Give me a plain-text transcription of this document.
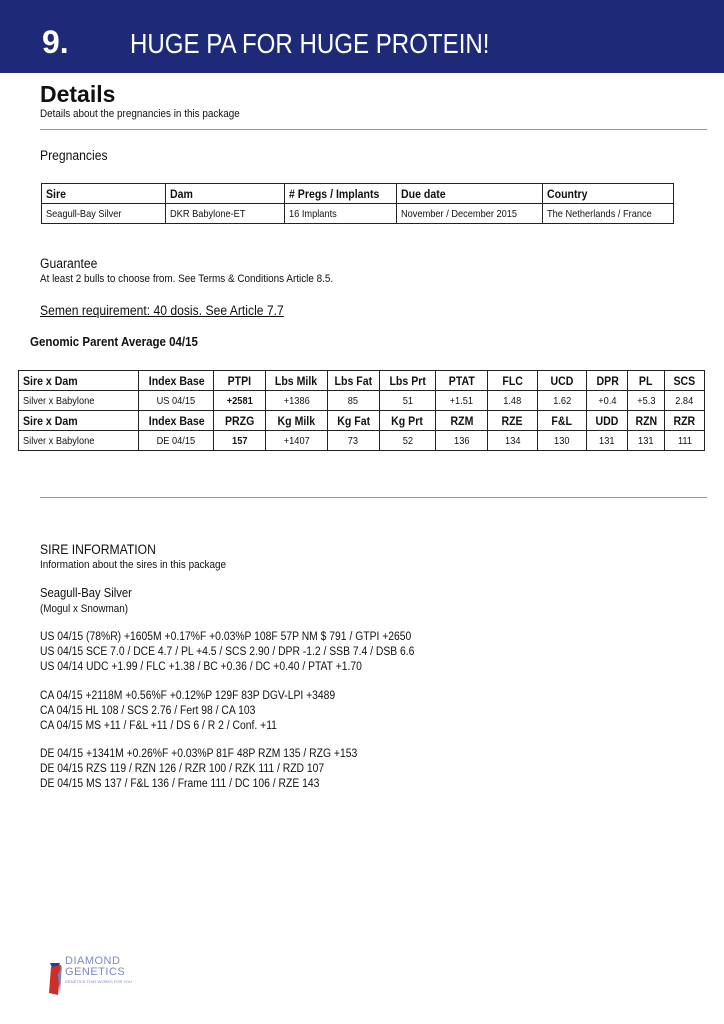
9. HUGE PA FOR HUGE PROTEIN!
Details
Details about the pregnancies in this package
Pregnancies
Sire	Dam	# Pregs / Implants	Due date	Country
Seagull-Bay Silver	DKR Babylone-ET	16 Implants	November / December 2015	The Netherlands / France
Guarantee
At least 2 bulls to choose from. See Terms & Conditions Article 8.5.
Semen requirement: 40 dosis. See Article 7.7
Genomic Parent Average 04/15
Sire x Dam	Index Base	PTPI	Lbs Milk	Lbs Fat	Lbs Prt	PTAT	FLC	UCD	DPR	PL	SCS
Silver x Babylone	US 04/15	+2581	+1386	85	51	+1.51	1.48	1.62	+0.4	+5.3	2.84
Sire x Dam	Index Base	PRZG	Kg Milk	Kg Fat	Kg Prt	RZM	RZE	F&L	UDD	RZN	RZR
Silver x Babylone	DE 04/15	157	+1407	73	52	136	134	130	131	131	111
SIRE INFORMATION
Information about the sires in this package
Seagull-Bay Silver
(Mogul x Snowman)
US 04/15 (78%R) +1605M +0.17%F +0.03%P 108F 57P NM $ 791 / GTPI +2650
US 04/15 SCE 7.0 / DCE 4.7 / PL +4.5 / SCS 2.90 / DPR -1.2 / SSB 7.4 / DSB 6.6
US 04/14 UDC +1.99 / FLC +1.38 / BC +0.36 / DC +0.40 / PTAT +1.70
CA 04/15 +2118M +0.56%F +0.12%P 129F 83P DGV-LPI +3489
CA 04/15 HL 108 / SCS 2.76 / Fert 98 / CA 103
CA 04/15 MS +11 / F&L +11 / DS 6 / R 2 / Conf. +11
DE 04/15 +1341M +0.26%F +0.03%P 81F 48P RZM 135 / RZG +153
DE 04/15 RZS 119 / RZN 126 / RZR 100 / RZK 111 / RZD 107
DE 04/15 MS 137 / F&L 136 / Frame 111 / DC 106 / RZE 143
DIAMOND
GENETICS
GENETICS THAT WORKS FOR YOU
